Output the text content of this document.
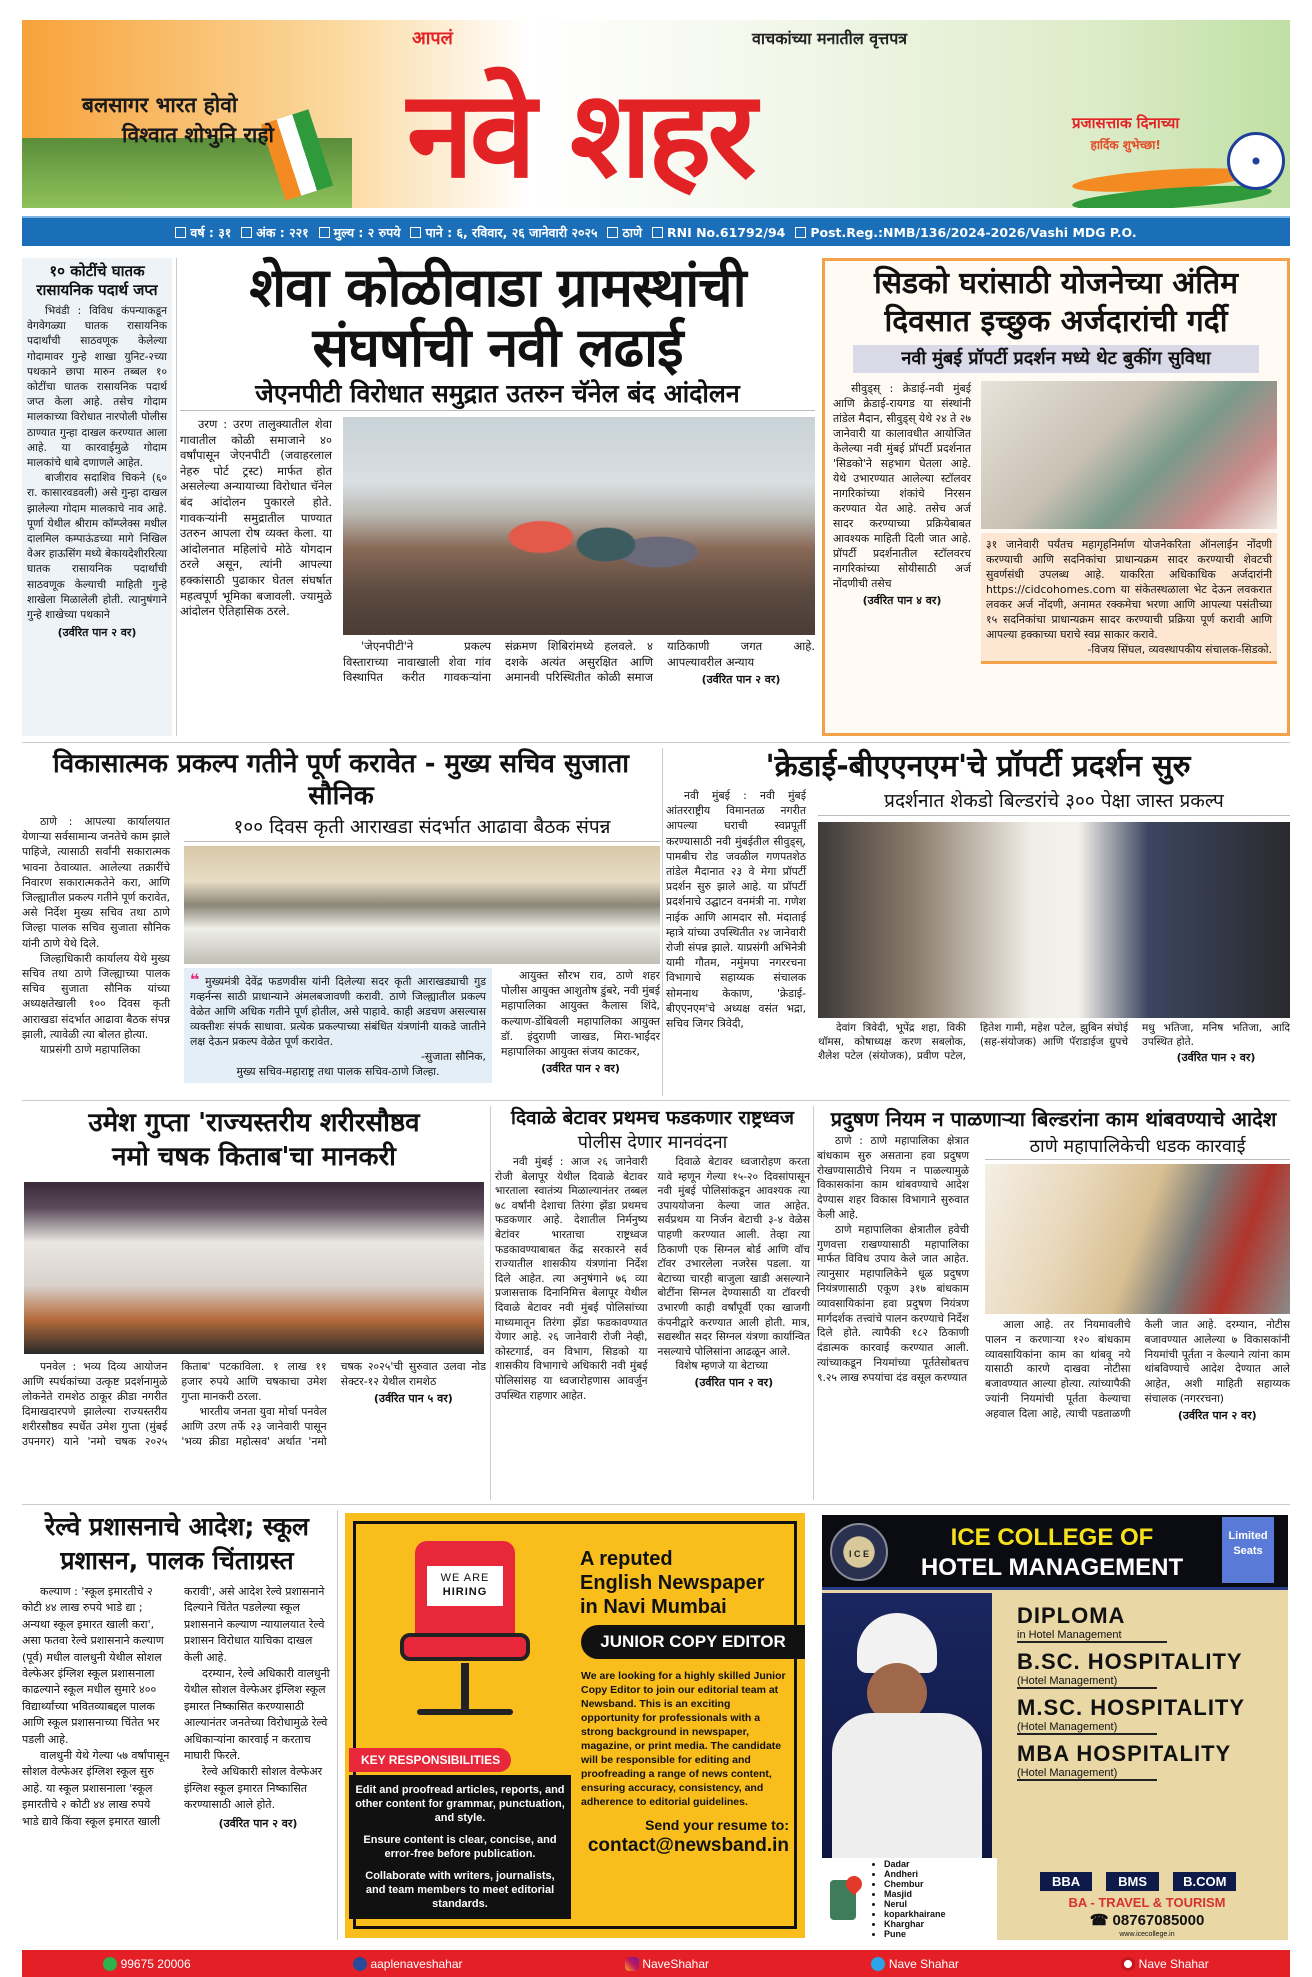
बलसागर भारत होवो
विश्वात शोभुनि राहो
आपलं
नवे शहर
वाचकांच्या मनातील वृत्तपत्र
प्रजासत्ताक दिनाच्या
हार्दिक शुभेच्छा!
वर्ष : ३१	अंक : २२१	मुल्य : २ रुपये	पाने : ६, रविवार, २६ जानेवारी २०२५	ठाणे	RNI No.61792/94	Post.Reg.:NMB/136/2024-2026/Vashi MDG P.O.
१० कोटींचे घातक रासायनिक पदार्थ जप्त

भिवंडी : विविध कंपन्याकडून वेगवेगळ्या घातक रासायनिक पदार्थांची साठवणूक केलेल्या गोदामावर गुन्हे शाखा युनिट-२च्या पथकाने छापा मारुन तब्बल १० कोटींचा घातक रासायनिक पदार्थ जप्त केला आहे. तसेच गोदाम मालकाच्या विरोधात नारपोली पोलीस ठाण्यात गुन्हा दाखल करण्यात आला आहे. या कारवाईमुळे गोदाम मालकांचे धाबे दणाणले आहेत.

बाजीराव सदाशिव चिकने (६० रा. कासारवडवली) असे गुन्हा दाखल झालेल्या गोदाम मालकाचे नाव आहे. पूर्णा येथील श्रीराम कॉम्प्लेक्स मधील दालमिल कम्पाऊंडच्या मागे निखिल वेअर हाऊसिंग मध्ये बेकायदेशीररित्या घातक रासायनिक पदार्थांची साठवणूक केल्याची माहिती गुन्हे शाखेला मिळालेली होती. त्यानुषंगाने गुन्हे शाखेच्या पथकाने

(उर्वरित पान २ वर)
शेवा कोळीवाडा ग्रामस्थांची
संघर्षाची नवी लढाई
जेएनपीटी विरोधात समुद्रात उतरुन चॅनेल बंद आंदोलन

उरण : उरण तालुक्यातील शेवा गावातील कोळी समाजाने ४० वर्षांपासून जेएनपीटी (जवाहरलाल नेहरु पोर्ट ट्रस्ट) मार्फत होत असलेल्या अन्यायाच्या विरोधात चॅनेल बंद आंदोलन पुकारले होते. गावकऱ्यांनी समुद्रातील पाण्यात उतरुन आपला रोष व्यक्त केला. या आंदोलनात महिलांचे मोठे योगदान ठरले असून, त्यांनी आपल्या हक्कांसाठी पुढाकार घेतल संघर्षात महत्वपूर्ण भूमिका बजावली. ज्यामुळे आंदोलन ऐतिहासिक ठरले.

'जेएनपीटी'ने प्रकल्प विस्ताराच्या नावाखाली शेवा गांव विस्थापित करीत गावकऱ्यांना संक्रमण शिबिरांमध्ये हलवले. ४ दशके अत्यंत असुरक्षित आणि अमानवी परिस्थितीत कोळी समाज याठिकाणी जगत आहे. आपल्यावरील अन्याय

(उर्वरित पान २ वर)
सिडको घरांसाठी योजनेच्या अंतिम
दिवसात इच्छुक अर्जदारांची गर्दी
नवी मुंबई प्रॉपर्टी प्रदर्शन मध्ये थेट बुकींग सुविधा

सीवुड्स् : क्रेडाई-नवी मुंबई आणि क्रेडाई-रायगड या संस्थांनी तांडेल मैदान, सीवुड्स् येथे २४ ते २७ जानेवारी या कालावधीत आयोजित केलेल्या नवी मुंबई प्रॉपर्टी प्रदर्शनात 'सिडको'ने सहभाग घेतला आहे. येथे उभारण्यात आलेल्या स्टॉलवर नागरिकांच्या शंकांचे निरसन करण्यात येत आहे. तसेच अर्ज सादर करण्याच्या प्रक्रियेबाबत आवश्यक माहिती दिली जात आहे. प्रॉपर्टी प्रदर्शनातील स्टॉलवरच नागरिकांच्या सोयीसाठी अर्ज नोंदणीची तसेच

(उर्वरित पान ४ वर)
३१ जानेवारी पर्यंतच महागृहनिर्माण योजनेकरिता ऑनलाईन नोंदणी करण्याची आणि सदनिकांचा प्राधान्यक्रम सादर करण्याची शेवटची सुवर्णसंधी उपलब्ध आहे. याकरिता अधिकाधिक अर्जदारांनी https://cidcohomes.com या संकेतस्थळाला भेट देऊन लवकरात लवकर अर्ज नोंदणी, अनामत रक्कमेचा भरणा आणि आपल्या पसंतीच्या १५ सदनिकांचा प्राधान्यक्रम सादर करण्याची प्रक्रिया पूर्ण करावी आणि आपल्या हक्काच्या घराचे स्वप्न साकार करावे.
-विजय सिंघल, व्यवस्थापकीय संचालक-सिडको.
विकासात्मक प्रकल्प गतीने पूर्ण करावेत - मुख्य सचिव सुजाता सौनिक

ठाणे : आपल्या कार्यालयात येणाऱ्या सर्वसामान्य जनतेचे काम झाले पाहिजे, त्यासाठी सर्वांनी सकारात्मक भावना ठेवाव्यात. आलेल्या तक्रारींचे निवारण सकारात्मकतेने करा, आणि जिल्ह्यातील प्रकल्प गतीने पूर्ण करावेत, असे निर्देश मुख्य सचिव तथा ठाणे जिल्हा पालक सचिव सुजाता सौनिक यांनी ठाणे येथे दिले.

जिल्हाधिकारी कार्यालय येथे मुख्य सचिव तथा ठाणे जिल्ह्याच्या पालक सचिव सुजाता सौनिक यांच्या अध्यक्षतेखाली १०० दिवस कृती आराखडा संदर्भात आढावा बैठक संपन्न झाली, त्यावेळी त्या बोलत होत्या.

याप्रसंगी ठाणे महापालिका

१०० दिवस कृती आराखडा संदर्भात आढावा बैठक संपन्न
❝ मुख्यमंत्री देवेंद्र फडणवीस यांनी दिलेल्या सदर कृती आराखड्याची गुड गव्हर्नन्स साठी प्राधान्याने अंमलबजावणी करावी. ठाणे जिल्ह्यातील प्रकल्प वेळेत आणि अधिक गतीने पूर्ण होतील, असे पाहावे. काही अडचण असल्यास व्यक्तीशः संपर्क साधावा. प्रत्येक प्रकल्पाच्या संबंधित यंत्रणांनी याकडे जातीने लक्ष देऊन प्रकल्प वेळेत पूर्ण करावेत.
-सुजाता सौनिक,
मुख्य सचिव-महाराष्ट्र तथा पालक सचिव-ठाणे जिल्हा.

आयुक्त सौरभ राव, ठाणे शहर पोलीस आयुक्त आशुतोष डुंबरे, नवी मुंबई महापालिका आयुक्त कैलास शिंदे, कल्याण-डोंबिवली महापालिका आयुक्त डॉ. इंदुराणी जाखड, मिरा-भाईंदर महापालिका आयुक्त संजय काटकर,

(उर्वरित पान २ वर)
'क्रेडाई-बीएएनएम'चे प्रॉपर्टी प्रदर्शन सुरु

नवी मुंबई : नवी मुंबई आंतरराष्ट्रीय विमानतळ नगरीत आपल्या घराची स्वप्नपूर्ती करण्यासाठी नवी मुंबईतील सीवुड्स्, पामबीच रोड जवळील गणपतशेठ तांडेल मैदानात २३ वे मेगा प्रॉपर्टी प्रदर्शन सुरु झाले आहे. या प्रॉपर्टी प्रदर्शनाचे उद्घाटन वनमंत्री ना. गणेश नाईक आणि आमदार सौ. मंदाताई म्हात्रे यांच्या उपस्थितीत २४ जानेवारी रोजी संपन्न झाले. याप्रसंगी अभिनेत्री यामी गौतम, नमुंमपा नगररचना विभागाचे सहाय्यक संचालक सोमनाथ केकाण, 'क्रेडाई-बीएएनएम'चे अध्यक्ष वसंत भद्रा, सचिव जिगर त्रिवेदी,

प्रदर्शनात शेकडो बिल्डरांचे ३०० पेक्षा जास्त प्रकल्प

देवांग त्रिवेदी, भूपेंद्र शहा, विकी थॉमस, कोषाध्यक्ष करण सबलोक, शैलेश पटेल (संयोजक), प्रवीण पटेल, हितेश गामी, महेश पटेल, झुबिन संघोई (सह-संयोजक) आणि पॅराडाईज ग्रुपचे मधु भतिजा, मनिष भतिजा, आदि उपस्थित होते.

(उर्वरित पान २ वर)
उमेश गुप्ता 'राज्यस्तरीय शरीरसौष्ठव
नमो चषक किताब'चा मानकरी

पनवेल : भव्य दिव्य आयोजन आणि स्पर्धकांच्या उत्कृष्ट प्रदर्शनामुळे लोकनेते रामशेठ ठाकूर क्रीडा नगरीत दिमाखदारपणे झालेल्या राज्यस्तरीय शरीरसौष्ठव स्पर्धेत उमेश गुप्ता (मुंबई उपनगर) याने 'नमो चषक २०२५ किताब' पटकाविला. १ लाख ११ हजार रुपये आणि चषकाचा उमेश गुप्ता मानकरी ठरला.

भारतीय जनता युवा मोर्चा पनवेल आणि उरण तर्फे २३ जानेवारी पासून 'भव्य क्रीडा महोत्सव' अर्थात 'नमो चषक २०२५'ची सुरुवात उलवा नोड सेक्टर-१२ येथील रामशेठ

(उर्वरित पान ५ वर)
दिवाळे बेटावर प्रथमच फडकणार राष्ट्रध्वज
पोलीस देणार मानवंदना

नवी मुंबई : आज २६ जानेवारी रोजी बेलापूर येथील दिवाळे बेटावर भारताला स्वातंत्र्य मिळाल्यानंतर तब्बल ७८ वर्षांनी देशाचा तिरंगा झेंडा प्रथमच फडकणार आहे. देशातील निर्मनुष्य बेटांवर भारताचा राष्ट्रध्वज फडकावण्याबाबत केंद्र सरकारने सर्व राज्यातील शासकीय यंत्रणांना निर्देश दिले आहेत. त्या अनुषंगाने ७६ व्या प्रजासत्ताक दिनानिमित्त बेलापूर येथील दिवाळे बेटावर नवी मुंबई पोलिसांच्या माध्यमातून तिरंगा झेंडा फडकावण्यात येणार आहे. २६ जानेवारी रोजी नेव्ही, कोस्टगार्ड, वन विभाग, सिडको या शासकीय विभागाचे अधिकारी नवी मुंबई पोलिसांसह या ध्वजारोहणास आवर्जुन उपस्थित राहणार आहेत.

दिवाळे बेटावर ध्वजारोहण करता यावे म्हणून गेल्या १५-२० दिवसांपासून नवी मुंबई पोलिसांकडून आवश्यक त्या उपाययोजना केल्या जात आहेत. सर्वप्रथम या निर्जन बेटाची ३-४ वेळेस पाहणी करण्यात आली. तेव्हा त्या ठिकाणी एक सिग्नल बोर्ड आणि वॉच टॉवर उभारलेला नजरेस पडला. या बेटाच्या चारही बाजुला खाडी असल्याने बोटींना सिग्नल देण्यासाठी या टॉवरची उभारणी काही वर्षांपूर्वी एका खाजगी कंपनीद्वारे करण्यात आली होती. मात्र, सद्यस्थीत सदर सिग्नल यंत्रणा कार्यान्वित नसल्याचे पोलिसांना आढळून आले.

विशेष म्हणजे या बेटाच्या

(उर्वरित पान २ वर)
प्रदुषण नियम न पाळणाऱ्या बिल्डरांना काम थांबवण्याचे आदेश

ठाणे : ठाणे महापालिका क्षेत्रात बांधकाम सुरु असताना हवा प्रदुषण रोखण्यासाठीचे नियम न पाळल्यामुळे विकासकांना काम थांबवण्याचे आदेश देण्यास शहर विकास विभागाने सुरुवात केली आहे.

ठाणे महापालिका क्षेत्रातील हवेची गुणवत्ता राखण्यासाठी महापालिका मार्फत विविध उपाय केले जात आहेत. त्यानुसार महापालिकेने धूळ प्रदुषण नियंत्रणासाठी एकूण ३१७ बांधकाम व्यावसायिकांना हवा प्रदुषण नियंत्रण मार्गदर्शक तत्त्वांचे पालन करण्याचे निर्देश दिले होते. त्यापैकी १८२ ठिकाणी दंडात्मक कारवाई करण्यात आली. त्यांच्याकडून नियमांच्या पूर्ततेसोबतच ९.२५ लाख रुपयांचा दंड वसूल करण्यात

ठाणे महापालिकेची धडक कारवाई

आला आहे. तर नियमावलीचे पालन न करणाऱ्या १२० बांधकाम व्यावसायिकांना काम का थांबवू नये यासाठी कारणे दाखवा नोटीसा बजावण्यात आल्या होत्या. त्यांच्यापैकी ज्यांनी नियमांची पूर्तता केल्याचा अहवाल दिला आहे, त्याची पडताळणी केली जात आहे. दरम्यान, नोटीस बजावण्यात आलेल्या ७ विकासकांनी नियमांची पूर्तता न केल्याने त्यांना काम थांबविण्याचे आदेश देण्यात आले आहेत, अशी माहिती सहाय्यक संचालक (नगररचना)

(उर्वरित पान २ वर)
रेल्वे प्रशासनाचे आदेश; स्कूल प्रशासन, पालक चिंताग्रस्त

कल्याण : 'स्कूल इमारतीचे २ कोटी ४४ लाख रुपये भाडे द्या ; अन्यथा स्कूल इमारत खाली करा', असा फतवा रेल्वे प्रशासनाने कल्याण (पूर्व) मधील वालधुनी येथील सोशल वेल्फेअर इंग्लिश स्कूल प्रशासनाला काढल्याने स्कूल मधील सुमारे ४०० विद्यार्थ्यांच्या भवितव्याबद्दल पालक आणि स्कूल प्रशासनाच्या चिंतेत भर पडली आहे.

वालधुनी येथे गेल्या ५७ वर्षांपासून सोशल वेल्फेअर इंग्लिश स्कूल सुरु आहे. या स्कूल प्रशासनाला 'स्कूल इमारतीचे २ कोटी ४४ लाख रुपये भाडे द्यावे किंवा स्कूल इमारत खाली करावी', असे आदेश रेल्वे प्रशासनाने दिल्याने चिंतेत पडलेल्या स्कूल प्रशासनाने कल्याण न्यायालयात रेल्वे प्रशासन विरोधात याचिका दाखल केली आहे.

दरम्यान, रेल्वे अधिकारी वालधुनी येथील सोशल वेल्फेअर इंग्लिश स्कूल इमारत निष्कासित करण्यासाठी आल्यानंतर जनतेच्या विरोधामुळे रेल्वे अधिकाऱ्यांना कारवाई न करताच माघारी फिरले.

रेल्वे अधिकारी सोशल वेल्फेअर इंग्लिश स्कूल इमारत निष्कासित करण्यासाठी आले होते.

(उर्वरित पान २ वर)
WE ARE
HIRING
KEY RESPONSIBILITIES
Edit and proofread articles, reports, and other content for grammar, punctuation, and style.
Ensure content is clear, concise, and error-free before publication.
Collaborate with writers, journalists, and team members to meet editorial standards.
A reputed
English Newspaper
in Navi Mumbai
JUNIOR COPY EDITOR
We are looking for a highly skilled Junior Copy Editor to join our editorial team at Newsband. This is an exciting opportunity for professionals with a strong background in newspaper, magazine, or print media. The candidate will be responsible for editing and proofreading a range of news content, ensuring accuracy, consistency, and adherence to editorial guidelines.
Send your resume to:
contact@newsband.in
I C E
ICE COLLEGE OF
HOTEL MANAGEMENT
Limited
Seats
DIPLOMA
in Hotel Management
B.SC. HOSPITALITY
(Hotel Management)
M.SC. HOSPITALITY
(Hotel Management)
MBA HOSPITALITY
(Hotel Management)
BBA	BMS	B.COM
BA - TRAVEL & TOURISM
☎ 08767085000
www.icecollege.in
• Dadar
• Andheri
• Chembur
• Masjid
• Nerul
• koparkhairane
• Kharghar
• Pune
99675 20006	aaplenaveshahar	NaveShahar	Nave Shahar	Nave Shahar
